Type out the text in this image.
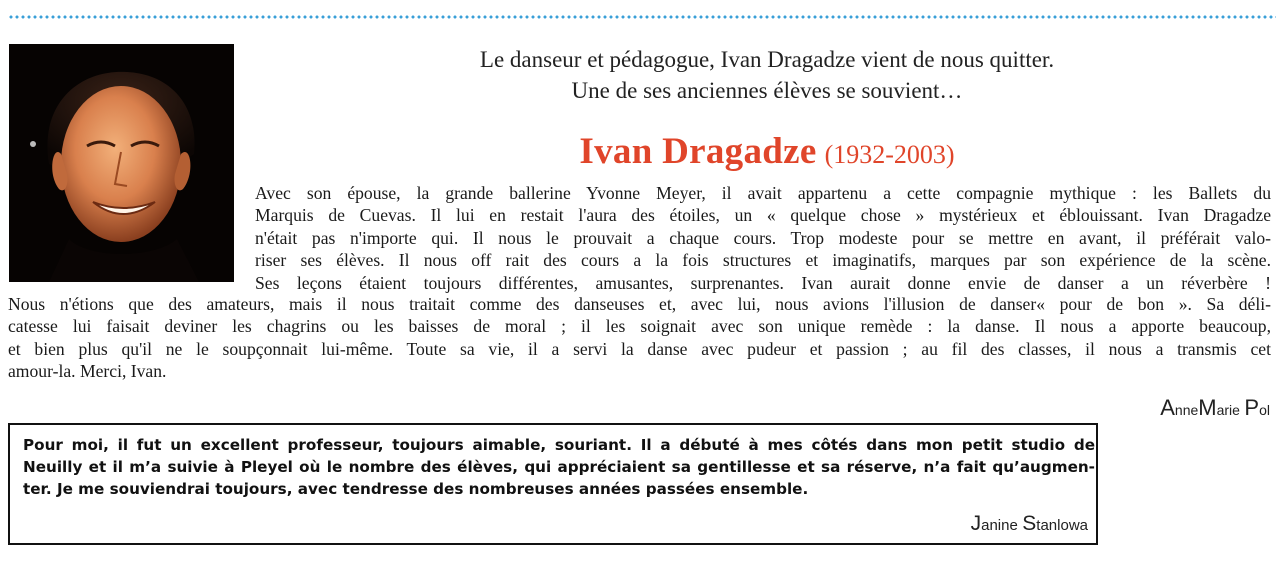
Le danseur et pédagogue, Ivan Dragadze vient de nous quitter.
Une de ses anciennes élèves se souvient…
Ivan Dragadze (1932-2003)
Avec son épouse, la grande ballerine Yvonne Meyer, il avait appartenu a cette compagnie mythique : les Ballets du
Marquis de Cuevas. Il lui en restait l'aura des étoiles, un « quelque chose » mystérieux et éblouissant. Ivan Dragadze
n'était pas n'importe qui. Il nous le prouvait a chaque cours. Trop modeste pour se mettre en avant, il préférait valo-
riser ses élèves. Il nous off rait des cours a la fois structures et imaginatifs, marques par son expérience de la scène.
Ses leçons étaient toujours différentes, amusantes, surprenantes. Ivan aurait donne envie de danser a un réverbère !
Nous n'étions que des amateurs, mais il nous traitait comme des danseuses et, avec lui, nous avions l'illusion de danser« pour de bon ». Sa déli-
catesse lui faisait deviner les chagrins ou les baisses de moral ; il les soignait avec son unique remède : la danse. Il nous a apporte beaucoup,
et bien plus qu'il ne le soupçonnait lui-même. Toute sa vie, il a servi la danse avec pudeur et passion ; au fil des classes, il nous a transmis cet
amour-la. Merci, Ivan.
AnneMarie Pol
Pour moi, il fut un excellent professeur, toujours aimable, souriant. Il a débuté à mes côtés dans mon petit studio de
Neuilly et il m’a suivie à Pleyel où le nombre des élèves, qui appréciaient sa gentillesse et sa réserve, n’a fait qu’augmen-
ter. Je me souviendrai toujours, avec tendresse des nombreuses années passées ensemble.
Janine Stanlowa
